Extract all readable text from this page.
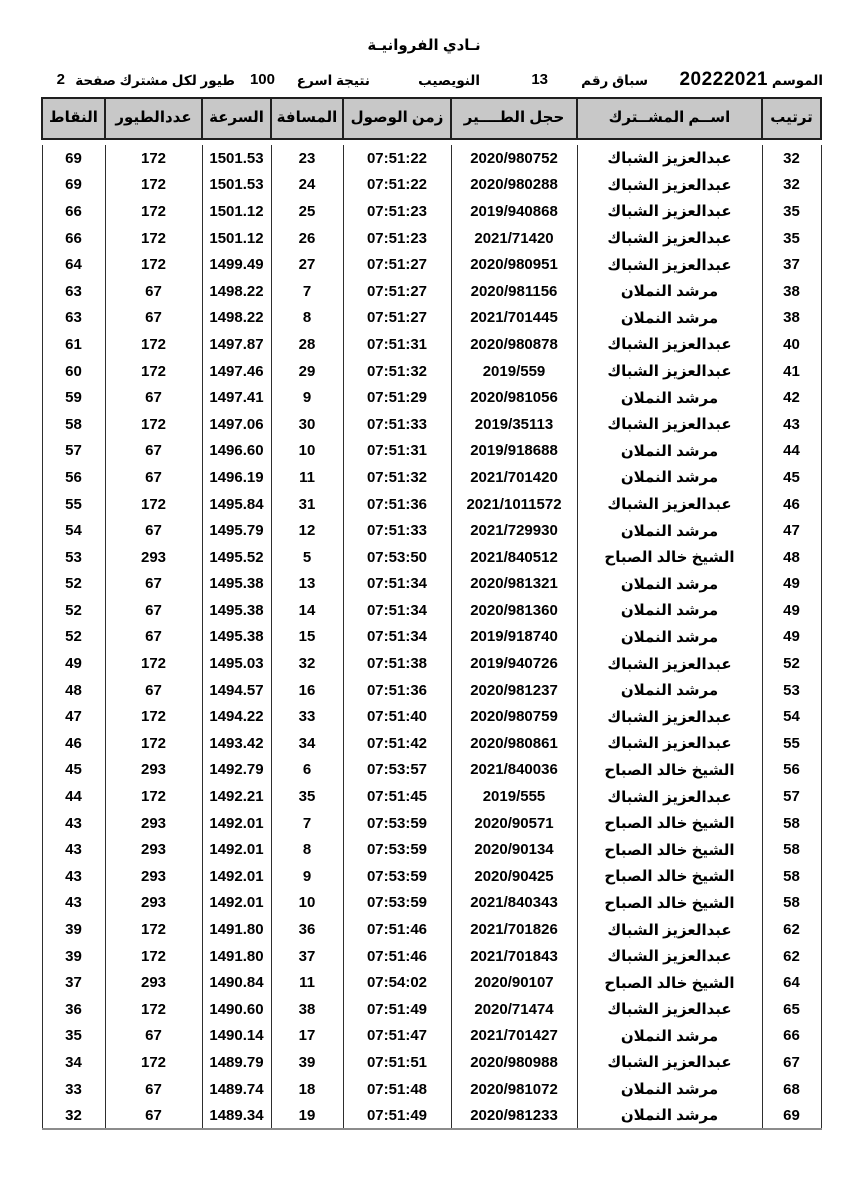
نـادي الفروانيـة
الموسم
20222021
سباق رقم
13
النويصيب
نتيجة اسرع
100
طيور لكل مشترك صفحة
2
ترتيب	اســم المشــترك	حجل الطــــير	زمن الوصول	المسافة	السرعة	عددالطيور	النقاط

32	عبدالعزيز الشباك	2020/980752	07:51:22	23	1501.53	172	69
32	عبدالعزيز الشباك	2020/980288	07:51:22	24	1501.53	172	69
35	عبدالعزيز الشباك	2019/940868	07:51:23	25	1501.12	172	66
35	عبدالعزيز الشباك	2021/71420	07:51:23	26	1501.12	172	66
37	عبدالعزيز الشباك	2020/980951	07:51:27	27	1499.49	172	64
38	مرشد النملان	2020/981156	07:51:27	7	1498.22	67	63
38	مرشد النملان	2021/701445	07:51:27	8	1498.22	67	63
40	عبدالعزيز الشباك	2020/980878	07:51:31	28	1497.87	172	61
41	عبدالعزيز الشباك	2019/559	07:51:32	29	1497.46	172	60
42	مرشد النملان	2020/981056	07:51:29	9	1497.41	67	59
43	عبدالعزيز الشباك	2019/35113	07:51:33	30	1497.06	172	58
44	مرشد النملان	2019/918688	07:51:31	10	1496.60	67	57
45	مرشد النملان	2021/701420	07:51:32	11	1496.19	67	56
46	عبدالعزيز الشباك	2021/1011572	07:51:36	31	1495.84	172	55
47	مرشد النملان	2021/729930	07:51:33	12	1495.79	67	54
48	الشيخ خالد الصباح	2021/840512	07:53:50	5	1495.52	293	53
49	مرشد النملان	2020/981321	07:51:34	13	1495.38	67	52
49	مرشد النملان	2020/981360	07:51:34	14	1495.38	67	52
49	مرشد النملان	2019/918740	07:51:34	15	1495.38	67	52
52	عبدالعزيز الشباك	2019/940726	07:51:38	32	1495.03	172	49
53	مرشد النملان	2020/981237	07:51:36	16	1494.57	67	48
54	عبدالعزيز الشباك	2020/980759	07:51:40	33	1494.22	172	47
55	عبدالعزيز الشباك	2020/980861	07:51:42	34	1493.42	172	46
56	الشيخ خالد الصباح	2021/840036	07:53:57	6	1492.79	293	45
57	عبدالعزيز الشباك	2019/555	07:51:45	35	1492.21	172	44
58	الشيخ خالد الصباح	2020/90571	07:53:59	7	1492.01	293	43
58	الشيخ خالد الصباح	2020/90134	07:53:59	8	1492.01	293	43
58	الشيخ خالد الصباح	2020/90425	07:53:59	9	1492.01	293	43
58	الشيخ خالد الصباح	2021/840343	07:53:59	10	1492.01	293	43
62	عبدالعزيز الشباك	2021/701826	07:51:46	36	1491.80	172	39
62	عبدالعزيز الشباك	2021/701843	07:51:46	37	1491.80	172	39
64	الشيخ خالد الصباح	2020/90107	07:54:02	11	1490.84	293	37
65	عبدالعزيز الشباك	2020/71474	07:51:49	38	1490.60	172	36
66	مرشد النملان	2021/701427	07:51:47	17	1490.14	67	35
67	عبدالعزيز الشباك	2020/980988	07:51:51	39	1489.79	172	34
68	مرشد النملان	2020/981072	07:51:48	18	1489.74	67	33
69	مرشد النملان	2020/981233	07:51:49	19	1489.34	67	32
